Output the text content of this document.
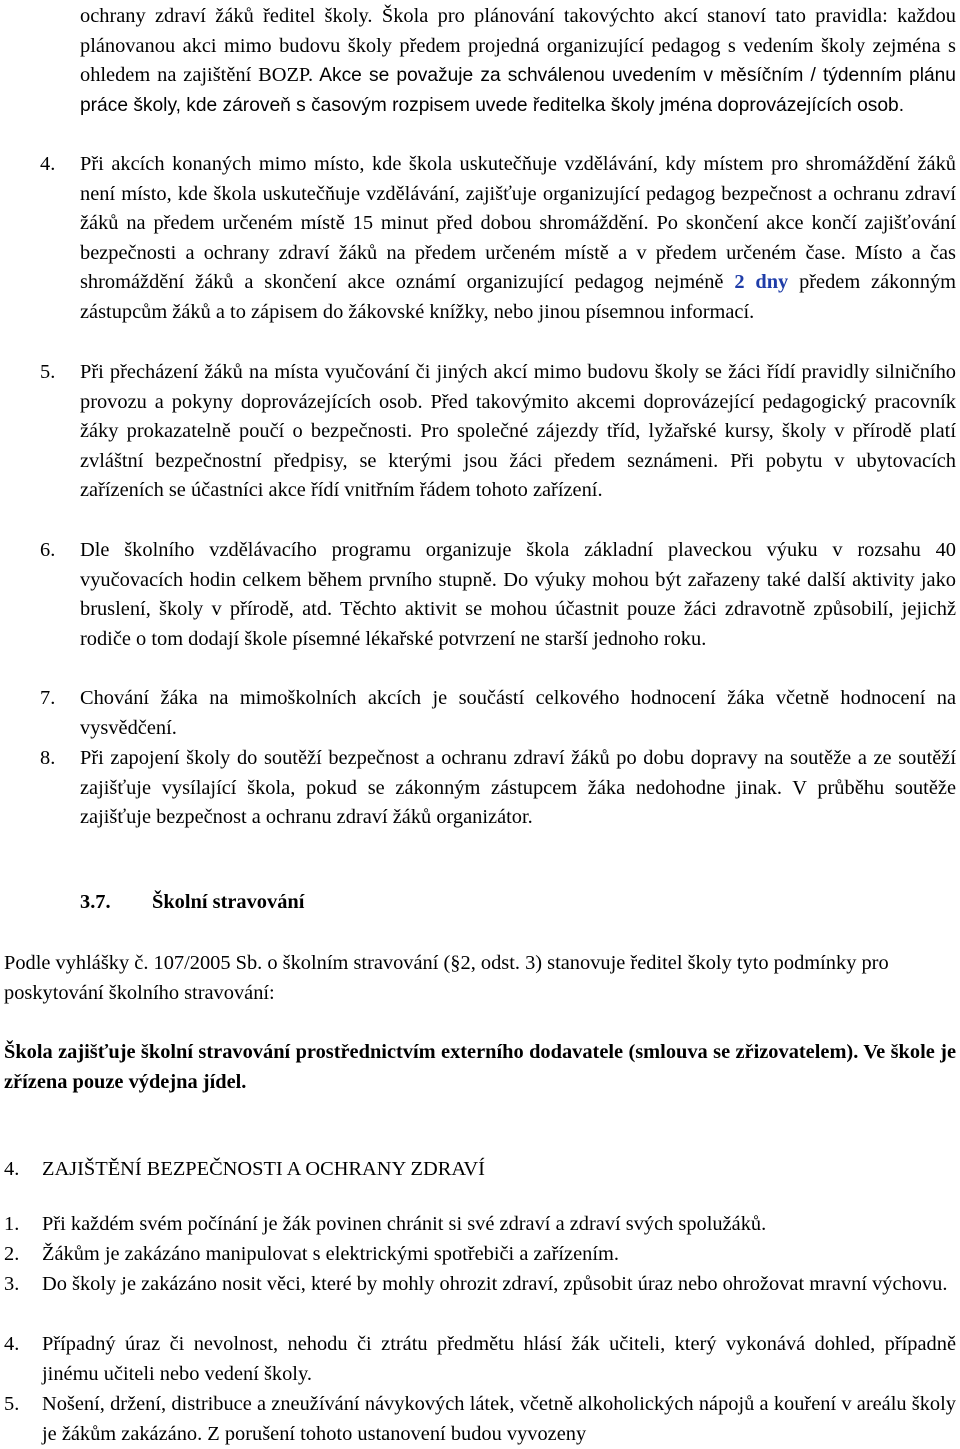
ochrany zdraví žáků ředitel školy. Škola pro plánování takovýchto akcí stanoví tato pravidla: každou plánovanou akci mimo budovu školy předem projedná organizující pedagog s vedením školy zejména s ohledem na zajištění BOZP. Akce se považuje za schválenou uvedením v měsíčním / týdenním plánu práce školy, kde zároveň s časovým rozpisem uvede ředitelka školy jména doprovázejících osob.
4. Při akcích konaných mimo místo, kde škola uskutečňuje vzdělávání, kdy místem pro shromáždění žáků není místo, kde škola uskutečňuje vzdělávání, zajišťuje organizující pedagog bezpečnost a ochranu zdraví žáků na předem určeném místě 15 minut před dobou shromáždění. Po skončení akce končí zajišťování bezpečnosti a ochrany zdraví žáků na předem určeném místě a v předem určeném čase. Místo a čas shromáždění žáků a skončení akce oznámí organizující pedagog nejméně 2 dny předem zákonným zástupcům žáků a to zápisem do žákovské knížky, nebo jinou písemnou informací.
5. Při přecházení žáků na místa vyučování či jiných akcí mimo budovu školy se žáci řídí pravidly silničního provozu a pokyny doprovázejících osob. Před takovýmito akcemi doprovázející pedagogický pracovník žáky prokazatelně poučí o bezpečnosti. Pro společné zájezdy tříd, lyžařské kursy, školy v přírodě platí zvláštní bezpečnostní předpisy, se kterými jsou žáci předem seznámeni. Při pobytu v ubytovacích zařízeních se účastníci akce řídí vnitřním řádem tohoto zařízení.
6. Dle školního vzdělávacího programu organizuje škola základní plaveckou výuku v rozsahu 40 vyučovacích hodin celkem během prvního stupně. Do výuky mohou být zařazeny také další aktivity jako bruslení, školy v přírodě, atd. Těchto aktivit se mohou účastnit pouze žáci zdravotně způsobilí, jejichž rodiče o tom dodají škole písemné lékařské potvrzení ne starší jednoho roku.
7. Chování žáka na mimoškolních akcích je součástí celkového hodnocení žáka včetně hodnocení na vysvědčení.
8. Při zapojení školy do soutěží bezpečnost a ochranu zdraví žáků po dobu dopravy na soutěže a ze soutěží zajišťuje vysílající škola, pokud se zákonným zástupcem žáka nedohodne jinak. V průběhu soutěže zajišťuje bezpečnost a ochranu zdraví žáků organizátor.
3.7. Školní stravování
Podle vyhlášky č. 107/2005 Sb. o školním stravování (§2, odst. 3) stanovuje ředitel školy tyto podmínky pro poskytování školního stravování:
Škola zajišťuje školní stravování prostřednictvím externího dodavatele (smlouva se zřizovatelem). Ve škole je zřízena pouze výdejna jídel.
4. ZAJIŠTĚNÍ BEZPEČNOSTI A OCHRANY ZDRAVÍ
1. Při každém svém počínání je žák povinen chránit si své zdraví a zdraví svých spolužáků.
2. Žákům je zakázáno manipulovat s elektrickými spotřebiči a zařízením.
3. Do školy je zakázáno nosit věci, které by mohly ohrozit zdraví, způsobit úraz nebo ohrožovat mravní výchovu.
4. Případný úraz či nevolnost, nehodu či ztrátu předmětu hlásí žák učiteli, který vykonává dohled, případně jinému učiteli nebo vedení školy.
5. Nošení, držení, distribuce a zneužívání návykových látek, včetně alkoholických nápojů a kouření v areálu školy je žákům zakázáno. Z porušení tohoto ustanovení budou vyvozeny
